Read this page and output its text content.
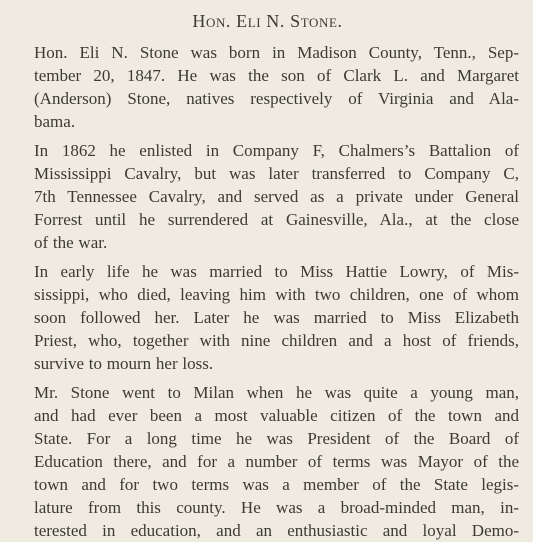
Hon. Eli N. Stone.
Hon. Eli N. Stone was born in Madison County, Tenn., Sep-
tember 20, 1847. He was the son of Clark L. and Margaret
(Anderson) Stone, natives respectively of Virginia and Ala-
bama.
In 1862 he enlisted in Company F, Chalmers’s Battalion of
Mississippi Cavalry, but was later transferred to Company C,
7th Tennessee Cavalry, and served as a private under General
Forrest until he surrendered at Gainesville, Ala., at the close
of the war.
In early life he was married to Miss Hattie Lowry, of Mis-
sissippi, who died, leaving him with two children, one of whom
soon followed her. Later he was married to Miss Elizabeth
Priest, who, together with nine children and a host of friends,
survive to mourn her loss.
Mr. Stone went to Milan when he was quite a young man,
and had ever been a most valuable citizen of the town and
State. For a long time he was President of the Board of
Education there, and for a number of terms was Mayor of the
town and for two terms was a member of the State legis-
lature from this county. He was a broad-minded man, in-
terested in education, and an enthusiastic and loyal Demo-
